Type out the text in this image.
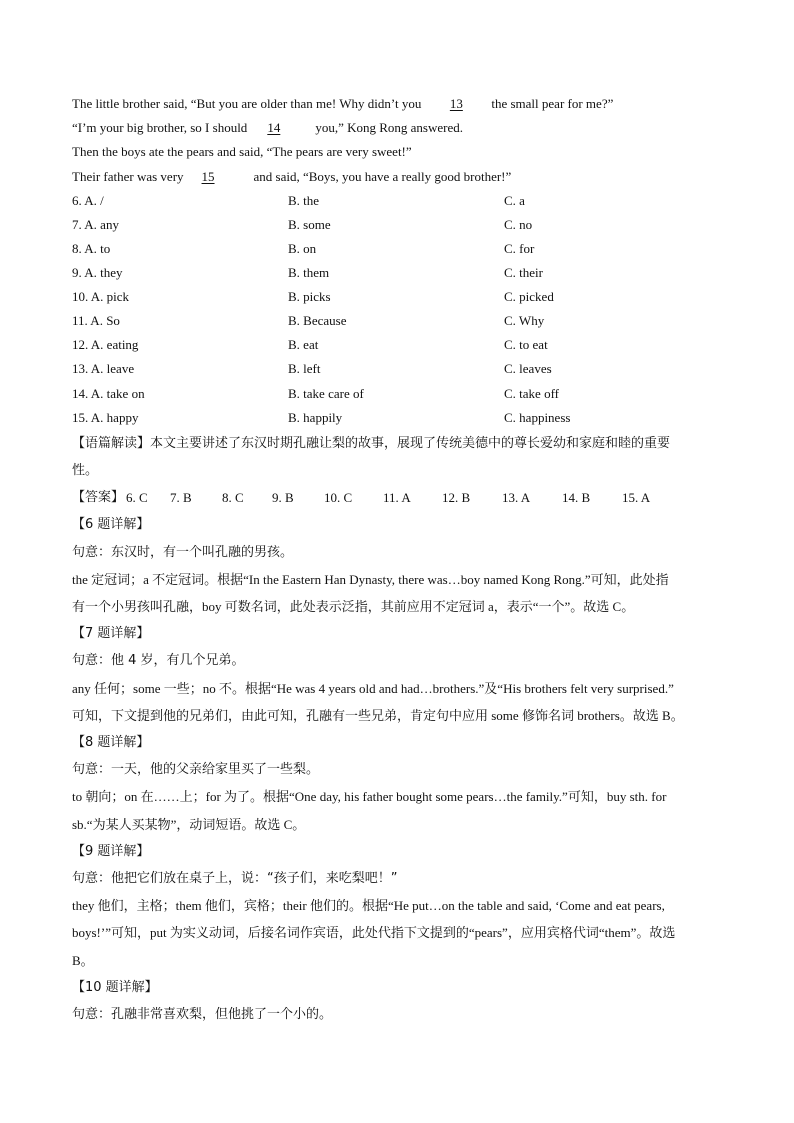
The little brother said, “But you are older than me! Why didn’t you 13 the small pear for me?”
“I’m your big brother, so I should 14	you,” Kong Rong answered.
Then the boys ate the pears and said, “The pears are very sweet!”
Their father was very 15	and said, “Boys, you have a really good brother!”
6. A. /	B. the	C. a
7. A. any	B. some	C. no
8. A. to	B. on	C. for
9. A. they	B. them	C. their
10. A. pick	B. picks	C. picked
11. A. So	B. Because	C. Why
12. A. eating	B. eat	C. to eat
13. A. leave	B. left	C. leaves
14. A. take on	B. take care of	C. take off
15. A. happy	B. happily	C. happiness
【语篇解读】本文主要讲述了东汉时期孔融让梨的故事，展现了传统美德中的尊长爱幼和家庭和睦的重要
性。
【答案】 6. C	7. B	8. C	9. B	10. C	11. A	12. B	13. A	14. B	15. A
【6 题详解】
句意：东汉时，有一个叫孔融的男孩。
the 定冠词；a 不定冠词。根据“In the Eastern Han Dynasty, there was…boy named Kong Rong.”可知，此处指
有一个小男孩叫孔融，boy 可数名词，此处表示泛指，其前应用不定冠词 a，表示“一个”。故选 C。
【7 题详解】
句意：他 4 岁，有几个兄弟。
any 任何；some 一些；no 不。根据“He was 4 years old and had…brothers.”及“His brothers felt very surprised.”
可知，下文提到他的兄弟们，由此可知，孔融有一些兄弟，肯定句中应用 some 修饰名词 brothers。故选 B。
【8 题详解】
句意：一天，他的父亲给家里买了一些梨。
to 朝向；on 在……上；for 为了。根据“One day, his father bought some pears…the family.”可知，buy sth. for
sb.“为某人买某物”，动词短语。故选 C。
【9 题详解】
句意：他把它们放在桌子上，说：“孩子们，来吃梨吧！”
they 他们，主格；them 他们，宾格；their 他们的。根据“He put…on the table and said, ‘Come and eat pears,
boys!’”可知，put 为实义动词，后接名词作宾语，此处代指下文提到的“pears”，应用宾格代词“them”。故选
B。
【10 题详解】
句意：孔融非常喜欢梨，但他挑了一个小的。
